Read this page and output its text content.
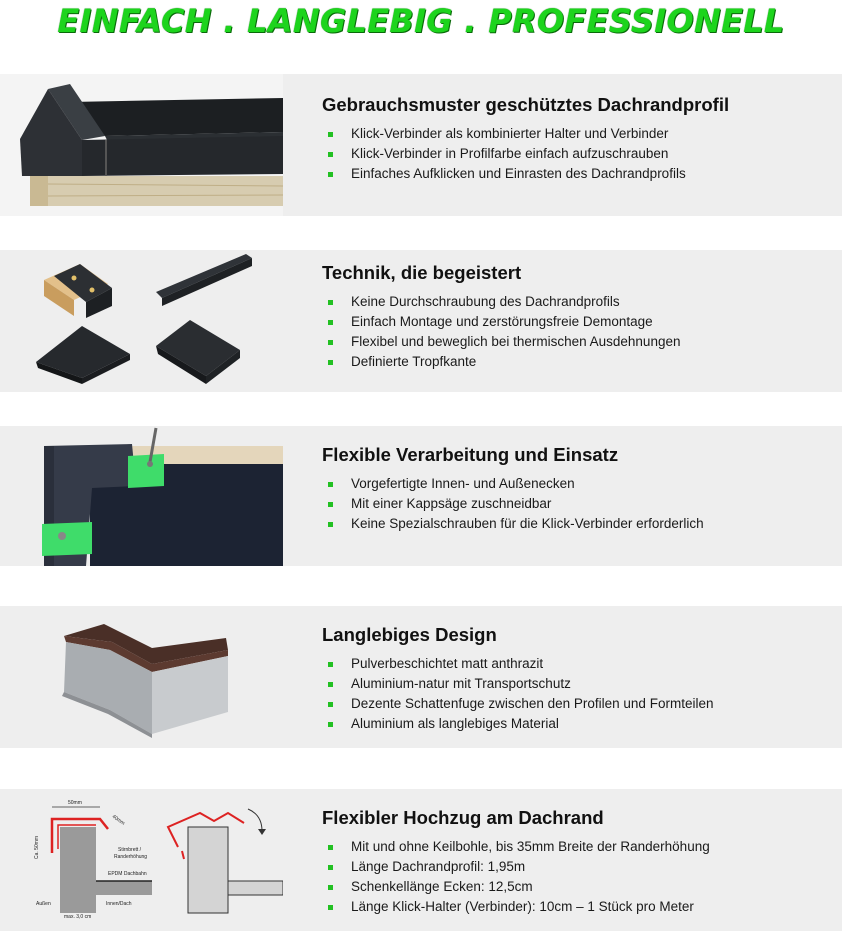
EINFACH . LANGLEBIG . PROFESSIONELL
Gebrauchsmuster geschütztes Dachrandprofil
Klick-Verbinder als kombinierter Halter und Verbinder
Klick-Verbinder in Profilfarbe einfach aufzuschrauben
Einfaches Aufklicken und Einrasten des Dachrandprofils
Technik, die begeistert
Keine Durchschraubung des Dachrandprofils
Einfach Montage und zerstörungsfreie Demontage
Flexibel und beweglich bei thermischen Ausdehnungen
Definierte Tropfkante
Flexible Verarbeitung und Einsatz
Vorgefertigte Innen- und Außenecken
Mit einer Kappsäge zuschneidbar
Keine Spezialschrauben für die Klick-Verbinder erforderlich
Langlebiges Design
Pulverbeschichtet matt anthrazit
Aluminium-natur mit Transportschutz
Dezente Schattenfuge zwischen den Profilen und Formteilen
Aluminium als langlebiges Material
50mm
40mm
Ca. 50mm	Stirnbrett /
Randerhöhung
EPDM Dachbahn
Außen	Innen/Dach
max. 3,0 cm
Flexibler Hochzug am Dachrand
Mit und ohne Keilbohle, bis 35mm Breite der Randerhöhung
Länge Dachrandprofil: 1,95m
Schenkellänge Ecken: 12,5cm
Länge Klick-Halter (Verbinder): 10cm – 1 Stück pro Meter
